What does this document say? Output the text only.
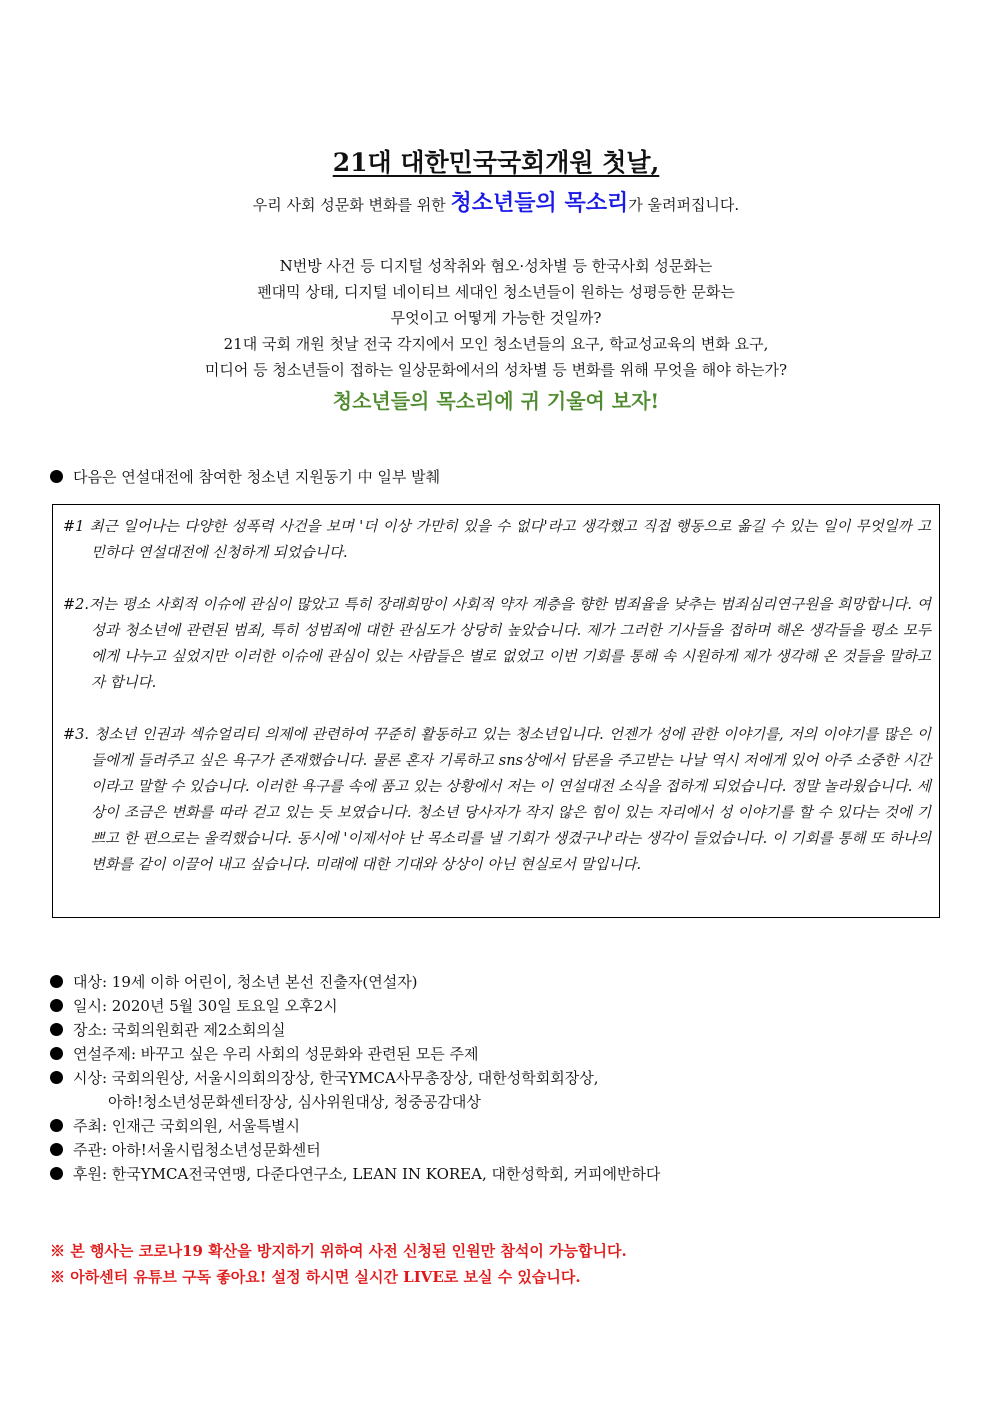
21대 대한민국국회개원 첫날,
우리 사회 성문화 변화를 위한 청소년들의 목소리가 울려퍼집니다.
N번방 사건 등 디지털 성착취와 혐오·성차별 등 한국사회 성문화는
펜대믹 상태, 디지털 네이티브 세대인 청소년들이 원하는 성평등한 문화는
무엇이고 어떻게 가능한 것일까?
21대 국회 개원 첫날 전국 각지에서 모인 청소년들의 요구, 학교성교육의 변화 요구,
미디어 등 청소년들이 접하는 일상문화에서의 성차별 등 변화를 위해 무엇을 해야 하는가?
청소년들의 목소리에 귀 기울여 보자!
다음은 연설대전에 참여한 청소년 지원동기 中 일부 발췌

#1 최근 일어나는 다양한 성폭력 사건을 보며 '더 이상 가만히 있을 수 없다'라고 생각했고 직접 행동으로 옮길 수 있는 일이 무엇일까 고민하다 연설대전에 신청하게 되었습니다.

#2.저는 평소 사회적 이슈에 관심이 많았고 특히 장래희망이 사회적 약자 계층을 향한 범죄율을 낮추는 범죄심리연구원을 희망합니다. 여성과 청소년에 관련된 범죄, 특히 성범죄에 대한 관심도가 상당히 높았습니다. 제가 그러한 기사들을 접하며 해온 생각들을 평소 모두에게 나누고 싶었지만 이러한 이슈에 관심이 있는 사람들은 별로 없었고 이번 기회를 통해 속 시원하게 제가 생각해 온 것들을 말하고자 합니다.

#3. 청소년 인권과 섹슈얼리티 의제에 관련하여 꾸준히 활동하고 있는 청소년입니다. 언젠가 성에 관한 이야기를, 저의 이야기를 많은 이들에게 들려주고 싶은 욕구가 존재했습니다. 물론 혼자 기록하고 sns상에서 담론을 주고받는 나날 역시 저에게 있어 아주 소중한 시간이라고 말할 수 있습니다. 이러한 욕구를 속에 품고 있는 상황에서 저는 이 연설대전 소식을 접하게 되었습니다. 정말 놀라웠습니다. 세상이 조금은 변화를 따라 걷고 있는 듯 보였습니다. 청소년 당사자가 작지 않은 힘이 있는 자리에서 성 이야기를 할 수 있다는 것에 기쁘고 한 편으로는 울컥했습니다. 동시에 '이제서야 난 목소리를 낼 기회가 생겼구나'라는 생각이 들었습니다. 이 기회를 통해 또 하나의 변화를 같이 이끌어 내고 싶습니다. 미래에 대한 기대와 상상이 아닌 현실로서 말입니다.

대상: 19세 이하 어린이, 청소년 본선 진출자(연설자)
일시: 2020년 5월 30일 토요일 오후2시
장소: 국회의원회관 제2소회의실
연설주제: 바꾸고 싶은 우리 사회의 성문화와 관련된 모든 주제
시상: 국회의원상, 서울시의회의장상, 한국YMCA사무총장상, 대한성학회회장상,
아하!청소년성문화센터장상, 심사위원대상, 청중공감대상
주최: 인재근 국회의원, 서울특별시
주관: 아하!서울시립청소년성문화센터
후원: 한국YMCA전국연맹, 다준다연구소, LEAN IN KOREA, 대한성학회, 커피에반하다
※ 본 행사는 코로나19 확산을 방지하기 위하여 사전 신청된 인원만 참석이 가능합니다.
※ 아하센터 유튜브 구독 좋아요! 설정 하시면 실시간 LIVE로 보실 수 있습니다.
